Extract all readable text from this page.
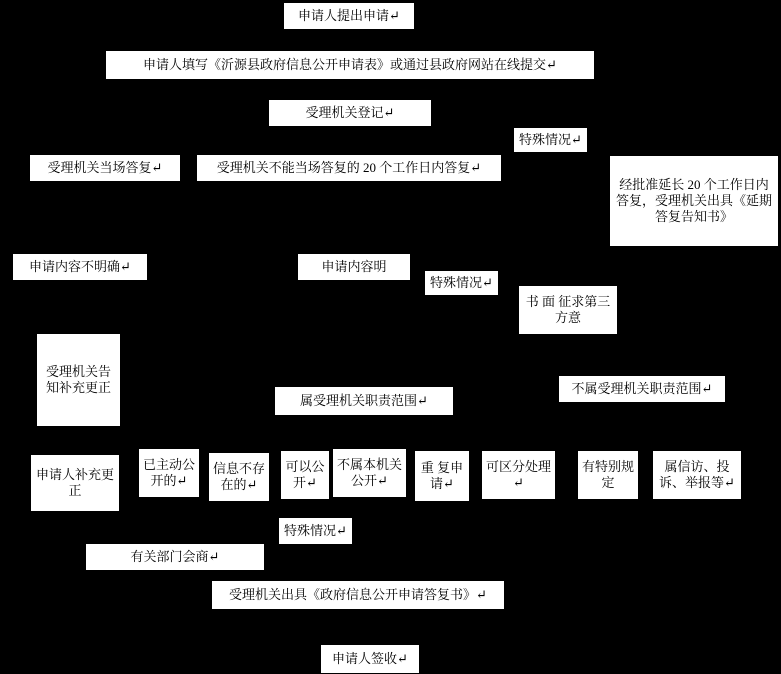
申请人提出申请↵
申请人填写《沂源县政府信息公开申请表》或通过县政府网站在线提交↵
受理机关登记↵
特殊情况↵
受理机关当场答复↵	受理机关不能当场答复的 20 个工作日内答复↵
经批准延长 20 个工作日内答复，受理机关出具《延期答复告知书》
申请内容不明确↵	申请内容明
特殊情况↵
书 面 征求第三方意
受理机关告知补充更正
属受理机关职责范围↵
不属受理机关职责范围↵
申请人补充更正
已主动公开的↵
信息不存在的↵
可以公开↵
不属本机关公开↵
重 复申请↵
可区分处理↵
有特别规定
属信访、投诉、举报等↵
特殊情况↵
有关部门会商↵
受理机关出具《政府信息公开申请答复书》↵
申请人签收↵
